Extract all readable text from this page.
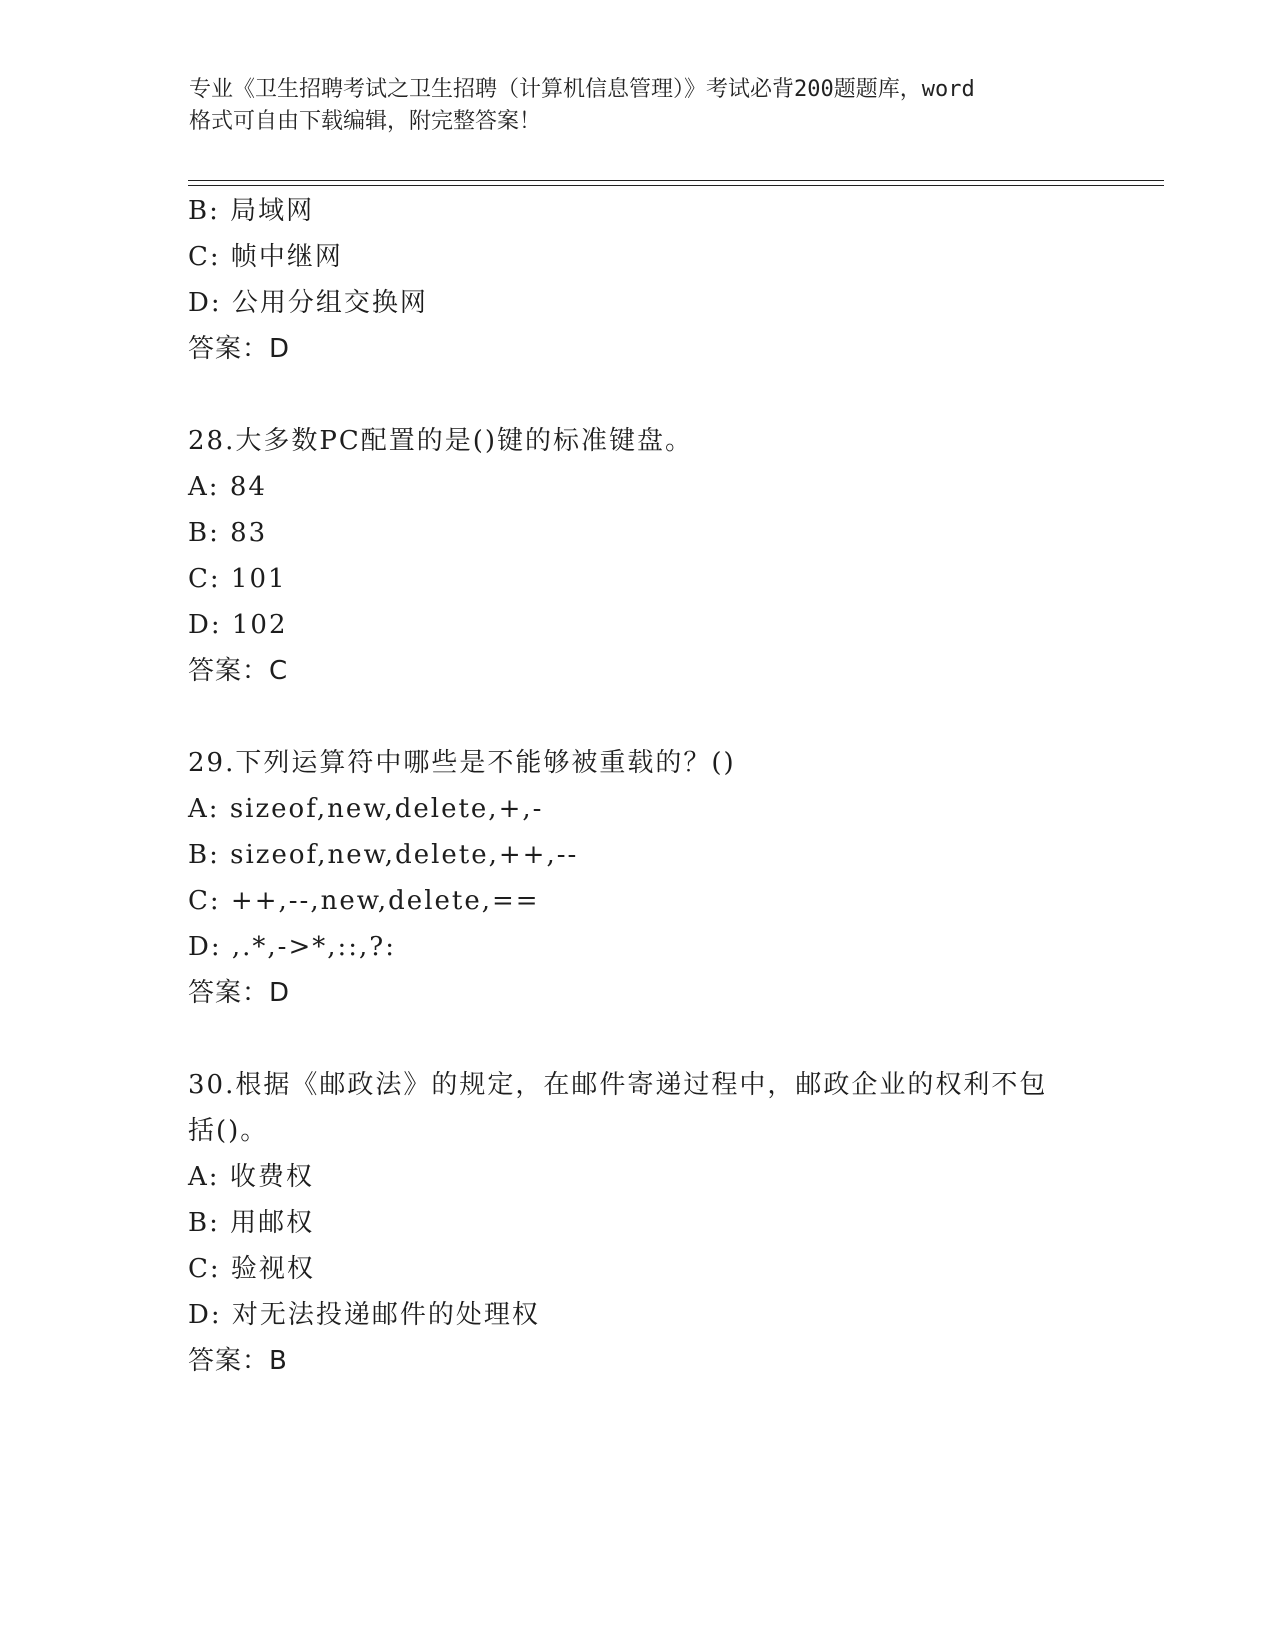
专业《卫生招聘考试之卫生招聘（计算机信息管理）》考试必背200题题库，word
格式可自由下载编辑，附完整答案！
B: 局域网
C: 帧中继网
D: 公用分组交换网
答案：D
28.大多数PC配置的是()键的标准键盘。
A: 84
B: 83
C: 101
D: 102
答案：C
29.下列运算符中哪些是不能够被重载的？()
A: sizeof,new,delete,+,-
B: sizeof,new,delete,++,--
C: ++,--,new,delete,==
D: ,.*,->*,::,?:
答案：D
30.根据《邮政法》的规定，在邮件寄递过程中，邮政企业的权利不包
括()。
A: 收费权
B: 用邮权
C: 验视权
D: 对无法投递邮件的处理权
答案：B
